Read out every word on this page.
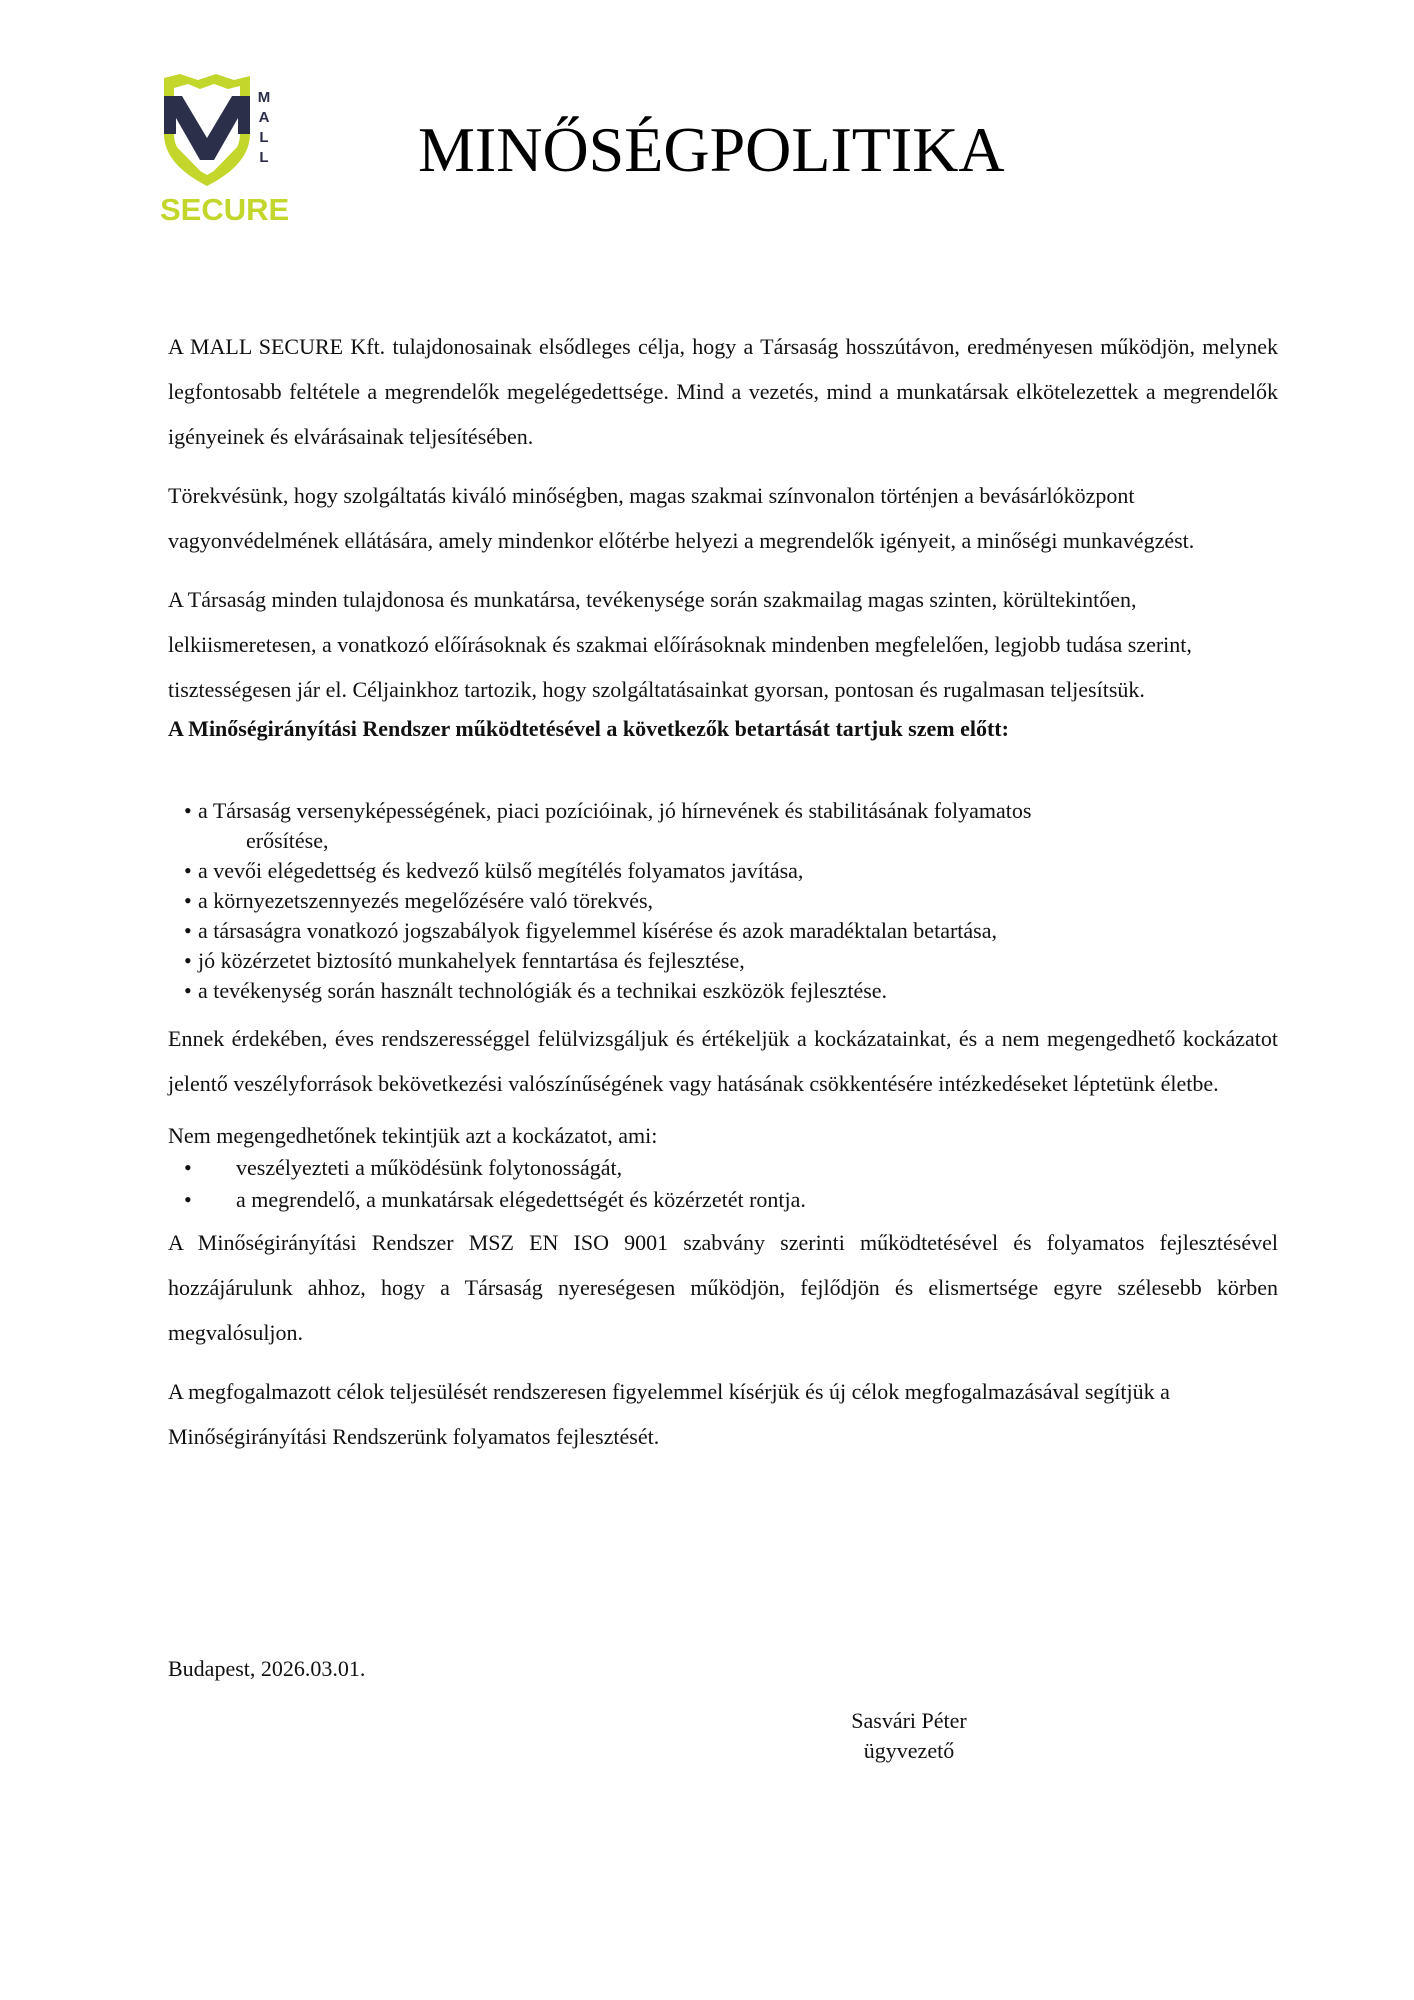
M
A
L
L
SECURE
MINŐSÉGPOLITIKA

A MALL SECURE Kft. tulajdonosainak elsődleges célja, hogy a Társaság hosszútávon, eredményesen működjön, melynek legfontosabb feltétele a megrendelők megelégedettsége. Mind a vezetés, mind a munkatársak elkötelezettek a megrendelők igényeinek és elvárásainak teljesítésében.

Törekvésünk, hogy szolgáltatás kiváló minőségben, magas szakmai színvonalon történjen a bevásárlóközpont vagyonvédelmének ellátására, amely mindenkor előtérbe helyezi a megrendelők igényeit, a minőségi munkavégzést.

A Társaság minden tulajdonosa és munkatársa, tevékenysége során szakmailag magas szinten, körültekintően, lelkiismeretesen, a vonatkozó előírásoknak és szakmai előírásoknak mindenben megfelelően, legjobb tudása szerint, tisztességesen jár el. Céljainkhoz tartozik, hogy szolgáltatásainkat gyorsan, pontosan és rugalmasan teljesítsük.

A Minőségirányítási Rendszer működtetésével a következők betartását tartjuk szem előtt:

• a Társaság versenyképességének, piaci pozícióinak, jó hírnevének és stabilitásának folyamatos
erősítése,
• a vevői elégedettség és kedvező külső megítélés folyamatos javítása,
• a környezetszennyezés megelőzésére való törekvés,
• a társaságra vonatkozó jogszabályok figyelemmel kísérése és azok maradéktalan betartása,
• jó közérzetet biztosító munkahelyek fenntartása és fejlesztése,
• a tevékenység során használt technológiák és a technikai eszközök fejlesztése.

Ennek érdekében, éves rendszerességgel felülvizsgáljuk és értékeljük a kockázatainkat, és a nem megengedhető kockázatot jelentő veszélyforrások bekövetkezési valószínűségének vagy hatásának csökkentésére intézkedéseket léptetünk életbe.

Nem megengedhetőnek tekintjük azt a kockázatot, ami:

• veszélyezteti a működésünk folytonosságát,
• a megrendelő, a munkatársak elégedettségét és közérzetét rontja.

A Minőségirányítási Rendszer MSZ EN ISO 9001 szabvány szerinti működtetésével és folyamatos fejlesztésével hozzájárulunk ahhoz, hogy a Társaság nyereségesen működjön, fejlődjön és elismertsége egyre szélesebb körben megvalósuljon.

A megfogalmazott célok teljesülését rendszeresen figyelemmel kísérjük és új célok megfogalmazásával segítjük a Minőségirányítási Rendszerünk folyamatos fejlesztését.

Budapest, 2026.03.01.
Sasvári Péter
ügyvezető
